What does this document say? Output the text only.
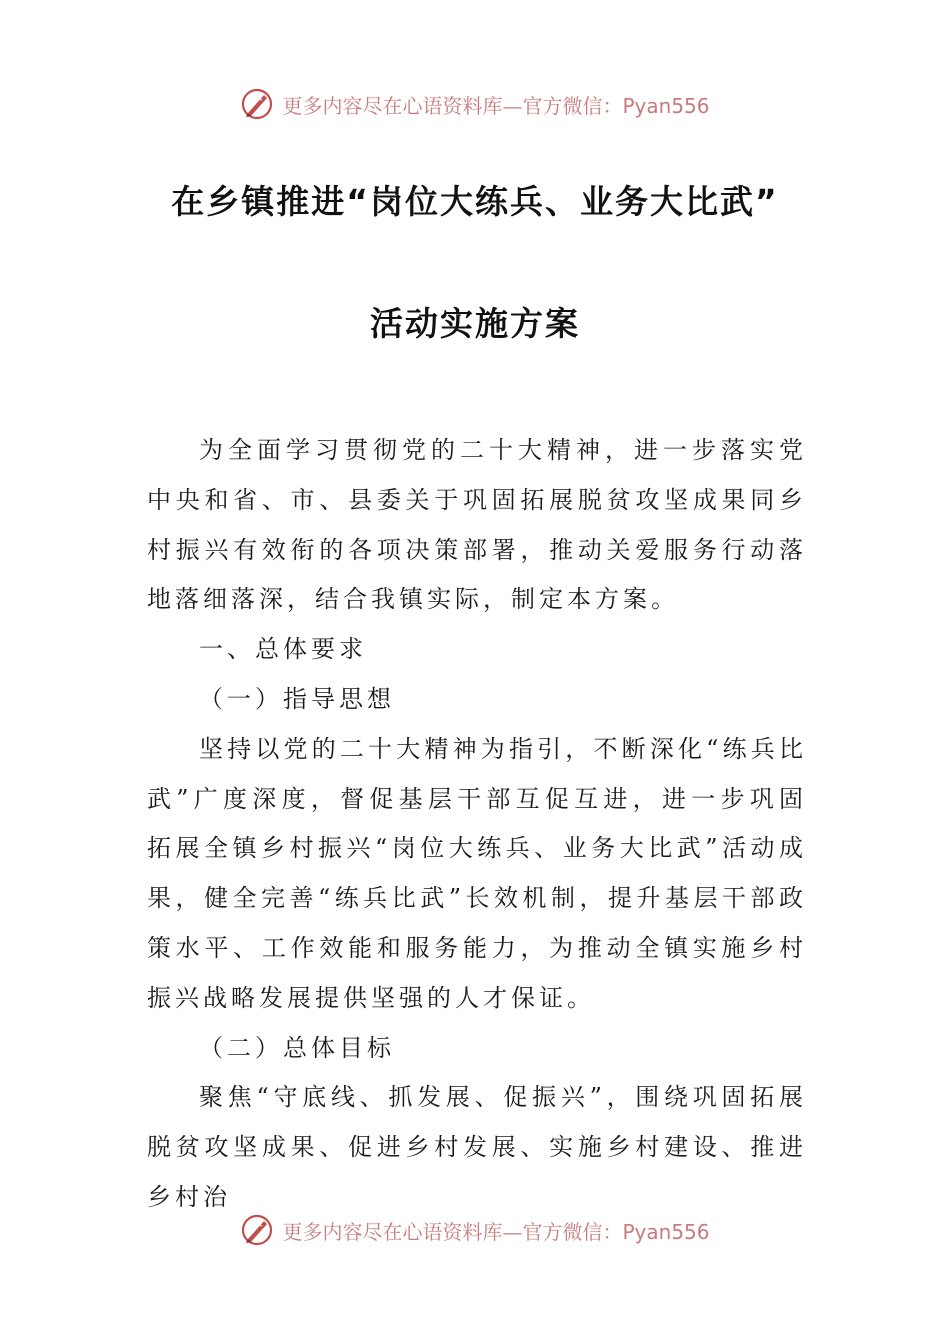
更多内容尽在心语资料库—官方微信：Pyan556
在乡镇推进“岗位大练兵、业务大比武”
活动实施方案

为全面学习贯彻党的二十大精神，进一步落实党中央和省、市、县委关于巩固拓展脱贫攻坚成果同乡村振兴有效衔的各项决策部署，推动关爱服务行动落地落细落深，结合我镇实际，制定本方案。

一、总体要求

（一）指导思想

坚持以党的二十大精神为指引，不断深化“练兵比武”广度深度，督促基层干部互促互进，进一步巩固拓展全镇乡村振兴“岗位大练兵、业务大比武”活动成果，健全完善“练兵比武”长效机制，提升基层干部政策水平、工作效能和服务能力，为推动全镇实施乡村振兴战略发展提供坚强的人才保证。

（二）总体目标

聚焦“守底线、抓发展、促振兴”，围绕巩固拓展脱贫攻坚成果、促进乡村发展、实施乡村建设、推进乡村治

更多内容尽在心语资料库—官方微信：Pyan556
